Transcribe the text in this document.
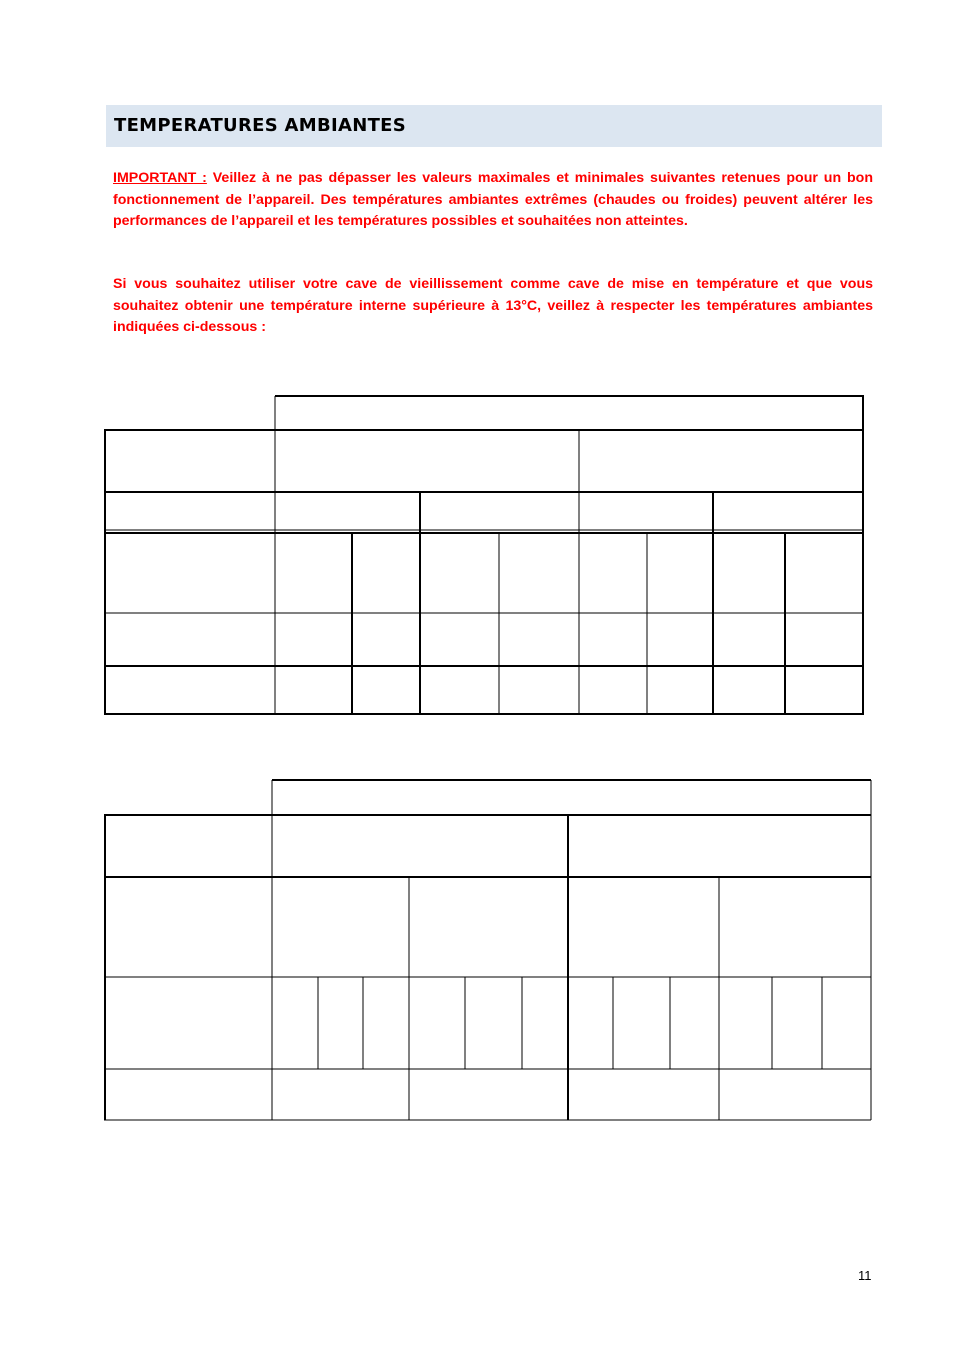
TEMPERATURES AMBIANTES

IMPORTANT : Veillez à ne pas dépasser les valeurs maximales et minimales suivantes retenues pour un bon fonctionnement de l’appareil. Des températures ambiantes extrêmes (chaudes ou froides) peuvent altérer les performances de l’appareil et les températures possibles et souhaitées non atteintes.

Si vous souhaitez utiliser votre cave de vieillissement comme cave de mise en température et que vous souhaitez obtenir une température interne supérieure à 13°C, veillez à respecter les températures ambiantes indiquées ci-dessous :

11
